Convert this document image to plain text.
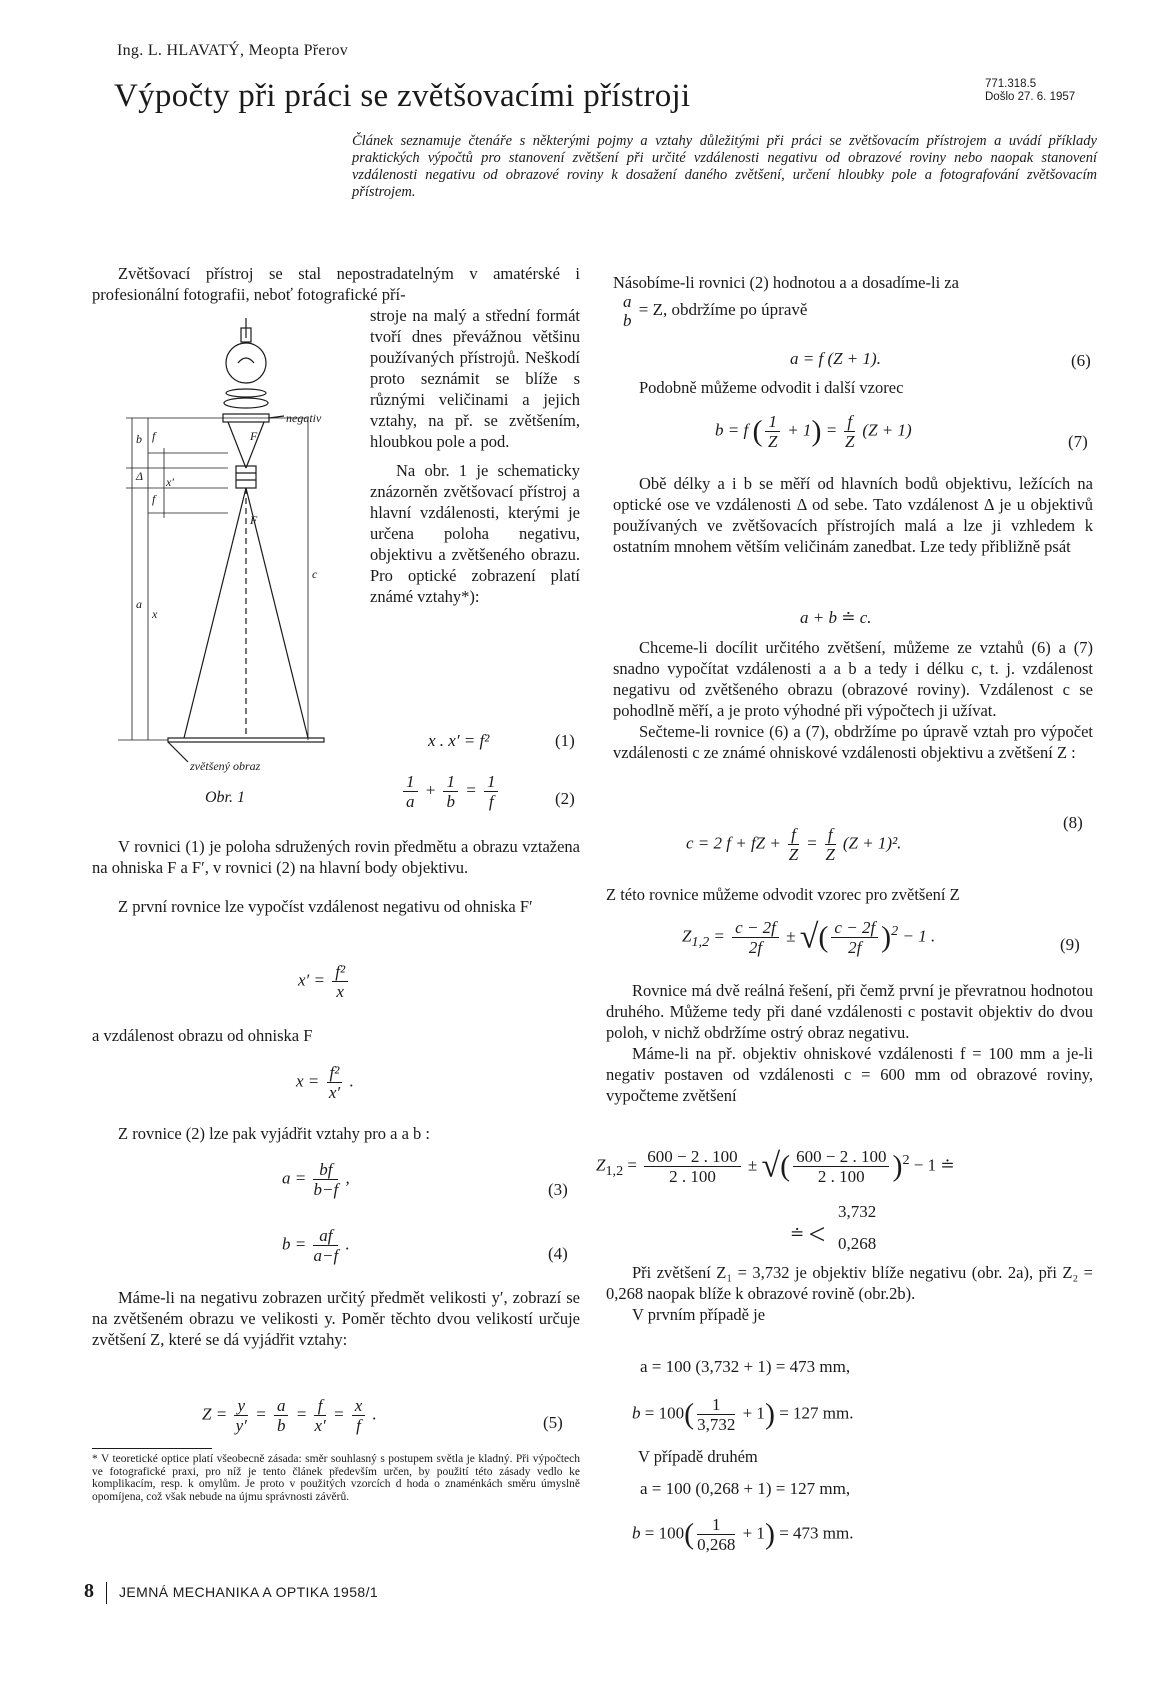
Ing. L. HLAVATÝ, Meopta Přerov
Výpočty při práci se zvětšovacími přístroji	771.318.5
Došlo 27. 6. 1957
Článek seznamuje čtenáře s některými pojmy a vztahy důležitými při práci se zvětšovacím přístrojem a uvádí příklady praktických výpočtů pro stanovení zvětšení při určité vzdálenosti negativu od obrazové roviny nebo naopak stanovení vzdálenosti negativu od obrazové roviny k dosažení daného zvětšení, určení hloubky pole a fotografování zvětšovacím přístrojem.

Zvětšovací přístroj se stal nepostradatelným v amatérské i profesionální fotografii, neboť fotografické pří-

stroje na malý a střední formát tvoří dnes převážnou většinu používaných přístrojů. Neškodí proto seznámit se blíže s různými veličinami a jejich vztahy, na př. se zvětšením, hloubkou pole a pod.

Na obr. 1 je schematicky znázorněn zvětšovací přístroj a hlavní vzdálenosti, kterými je určena poloha negativu, objektivu a zvětšeného obrazu. Pro optické zobrazení platí známé vztahy*):

negativ
b
Δ
a
c
f
f
x
x′
F
F′
zvětšený obraz
Obr. 1
x . x′ = f²	(1)
$\frac{1}{a} + \frac{1}{b} = \frac{1}{f}$	(2)

V rovnici (1) je poloha sdružených rovin předmětu a obrazu vztažena na ohniska F a F′, v rovnici (2) na hlavní body objektivu.

Z první rovnice lze vypočíst vzdálenost negativu od ohniska F′

$x' = \frac{\text{f²}}{x}$

a vzdálenost obrazu od ohniska F

$x = \frac{\text{f²}}{x'}$ .

Z rovnice (2) lze pak vyjádřit vztahy pro a a b :

$a = \frac{bf}{b-f}$ ,
(3)
$b = \frac{af}{a-f}$ .
(4)

Máme-li na negativu zobrazen určitý předmět velikosti y′, zobrazí se na zvětšeném obrazu ve velikosti y. Poměr těchto dvou velikostí určuje zvětšení Z, které se dá vyjádřit vztahy:

$Z = \frac{y}{y'} = \frac{a}{b} = \frac{f}{x'} = \frac{x}{f}$ .	(5)
* V teoretické optice platí všeobecně zásada: směr souhlasný s postupem světla je kladný. Při výpočtech ve fotografické praxi, pro níž je tento článek především určen, by použití této zásady vedlo ke komplikacím, resp. k omylům. Je proto v použitých vzorcích d hoda o znaménkách směru úmyslně opomíjena, což však nebude na újmu správnosti závěrů.

Násobíme-li rovnici (2) hodnotou a a dosadíme-li za

a
b
= Z, obdržíme po úpravě
a = f (Z + 1).	(6)

Podobně můžeme odvodit i další vzorec

b = f ( $\frac{1}{Z} + 1) = \frac{f}{Z} (Z + 1)$
(7)

Obě délky a i b se měří od hlavních bodů objektivu, ležících na optické ose ve vzdálenosti Δ od sebe. Tato vzdálenost Δ je u objektivů používaných ve zvětšovacích přístrojích malá a lze ji vzhledem k ostatním mnohem větším veličinám zanedbat. Lze tedy přibližně psát

a + b ≐ c.

Chceme-li docílit určitého zvětšení, můžeme ze vztahů (6) a (7) snadno vypočítat vzdálenosti a a b a tedy i délku c, t. j. vzdálenost negativu od zvětšeného obrazu (obrazové roviny). Vzdálenost c se pohodlně měří, a je proto výhodné při výpočtech ji užívat.

Sečteme-li rovnice (6) a (7), obdržíme po úpravě vztah pro výpočet vzdálenosti c ze známé ohniskové vzdálenosti objektivu a zvětšení Z :

c = 2 f + fZ + $\frac{f}{Z} = \frac{f}{Z} (Z + 1)^2$.
(8)

Z této rovnice můžeme odvodit vzorec pro zvětšení Z

$Z_{1,2} = \frac{c - 2f}{2f}$ ± √( $\frac{c - 2f}{2f} )^2 - 1$ .	(9)

Rovnice má dvě reálná řešení, při čemž první je převratnou hodnotou druhého. Můžeme tedy při dané vzdálenosti c postavit objektiv do dvou poloh, v nichž obdržíme ostrý obraz negativu.

Máme-li na př. objektiv ohniskové vzdálenosti f = 100 mm a je-li negativ postaven od vzdálenosti c = 600 mm od obrazové roviny, vypočteme zvětšení

$Z_{1,2} = \frac{600 - 2 . 100}{2 . 100}$ ± √( $\frac{600 - 2 . 100}{2 . 100} )^2 - 1$ ≐
≐ <
3,732
0,268

Při zvětšení Z₁ = 3,732 je objektiv blíže negativu (obr. 2a), při Z₂ = 0,268 naopak blíže k obrazové rovině (obr.2b).

V prvním případě je

a = 100 (3,732 + 1) = 473 mm,
$b = 100( \frac{1}{3,732} + 1) = 127$ mm.

V případě druhém

a = 100 (0,268 + 1) = 127 mm,
$b = 100( \frac{1}{0,268} + 1) = 473$ mm.
8 JEMNÁ MECHANIKA A OPTIKA 1958/1
